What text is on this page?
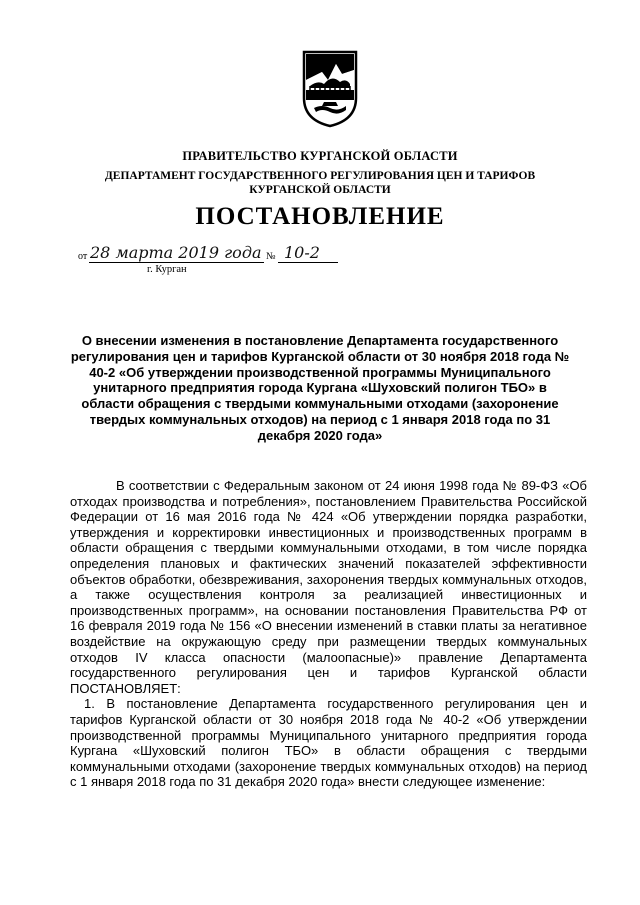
ПРАВИТЕЛЬСТВО КУРГАНСКОЙ ОБЛАСТИ
ДЕПАРТАМЕНТ ГОСУДАРСТВЕННОГО РЕГУЛИРОВАНИЯ ЦЕН И ТАРИФОВ
КУРГАНСКОЙ ОБЛАСТИ
ПОСТАНОВЛЕНИЕ
от 28 марта 2019 года № 10-2
г. Курган
О внесении изменения в постановление Департамента государственного регулирования цен и тарифов Курганской области от 30 ноября 2018 года № 40-2 «Об утверждении производственной программы Муниципального унитарного предприятия города Кургана «Шуховский полигон ТБО» в области обращения с твердыми коммунальными отходами (захоронение твердых коммунальных отходов) на период с 1 января 2018 года по 31 декабря 2020 года»

В соответствии с Федеральным законом от 24 июня 1998 года № 89-ФЗ «Об отходах производства и потребления», постановлением Правительства Российской Федерации от 16 мая 2016 года № 424 «Об утверждении порядка разработки, утверждения и корректировки инвестиционных и производственных программ в области обращения с твердыми коммунальными отходами, в том числе порядка определения плановых и фактических значений показателей эффективности объектов обработки, обезвреживания, захоронения твердых коммунальных отходов, а также осуществления контроля за реализацией инвестиционных и производственных программ», на основании постановления Правительства РФ от 16 февраля 2019 года № 156 «О внесении изменений в ставки платы за негативное воздействие на окружающую среду при размещении твердых коммунальных отходов IV класса опасности (малоопасные)» правление Департамента государственного регулирования цен и тарифов Курганской области ПОСТАНОВЛЯЕТ:

1. В постановление Департамента государственного регулирования цен и тарифов Курганской области от 30 ноября 2018 года № 40-2 «Об утверждении производственной программы Муниципального унитарного предприятия города Кургана «Шуховский полигон ТБО» в области обращения с твердыми коммунальными отходами (захоронение твердых коммунальных отходов) на период с 1 января 2018 года по 31 декабря 2020 года» внести следующее изменение:
